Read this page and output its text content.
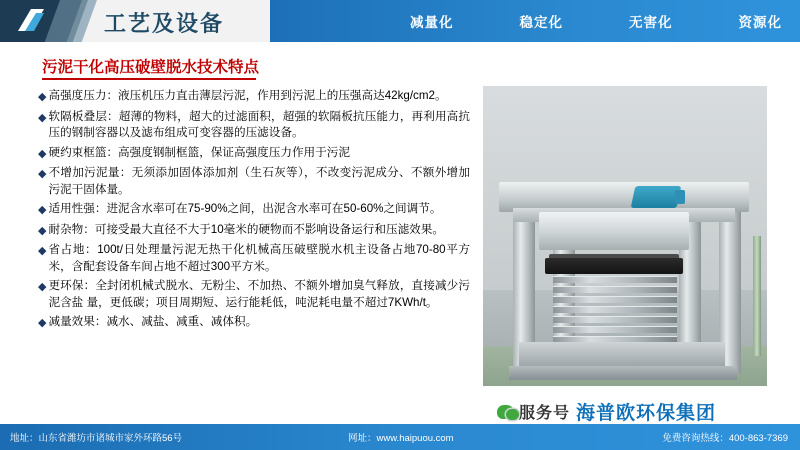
工艺及设备	减量化	稳定化	无害化	资源化
污泥干化高压破壁脱水技术特点
◆ 高强度压力：液压机压力直击薄层污泥，作用到污泥上的压强高达42kg/cm2。
◆ 软隔板叠层：超薄的物料，超大的过滤面积，超强的软隔板抗压能力，再利用高抗压的钢制容器以及滤布组成可变容器的压滤设备。
◆ 硬约束框篮：高强度钢制框篮，保证高强度压力作用于污泥
◆ 不增加污泥量：无须添加固体添加剂（生石灰等），不改变污泥成分、不额外增加污泥干固体量。
◆ 适用性强：进泥含水率可在75-90%之间，出泥含水率可在50-60%之间调节。
◆ 耐杂物：可接受最大直径不大于10毫米的硬物而不影响设备运行和压滤效果。
◆ 省占地：100t/日处理量污泥无热干化机械高压破壁脱水机主设备占地70-80平方米，含配套设备车间占地不超过300平方米。
◆ 更环保：全封闭机械式脱水、无粉尘、不加热、不额外增加臭气释放，直接减少污泥含盐 量，更低碳；项目周期短、运行能耗低，吨泥耗电量不超过7KWh/t。
◆ 减量效果：减水、减盐、减重、减体积。
服务号 海普欧环保集团
地址：山东省潍坊市诸城市家外环路56号	网址：www.haipuou.com	免费咨询热线：400-863-7369
